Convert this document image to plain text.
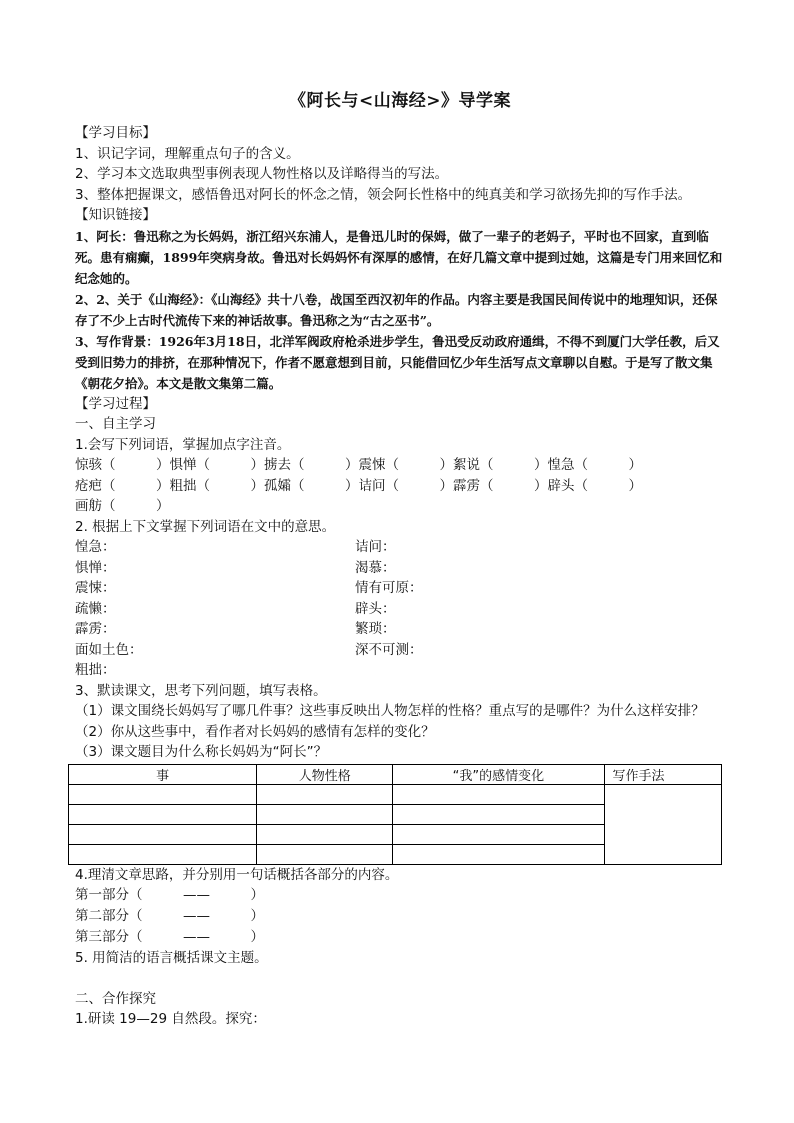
《阿长与<山海经>》导学案
【学习目标】
1、识记字词，理解重点句子的含义。
2、学习本文选取典型事例表现人物性格以及详略得当的写法。
3、整体把握课文，感悟鲁迅对阿长的怀念之情，领会阿长性格中的纯真美和学习欲扬先抑的写作手法。
【知识链接】
1、阿长：鲁迅称之为长妈妈，浙江绍兴东浦人，是鲁迅儿时的保姆，做了一辈子的老妈子，平时也不回家，直到临死。患有痫癫，1899年突病身故。鲁迅对长妈妈怀有深厚的感情，在好几篇文章中提到过她，这篇是专门用来回忆和纪念她的。
2、2、关于《山海经》：《山海经》共十八卷，战国至西汉初年的作品。内容主要是我国民间传说中的地理知识，还保存了不少上古时代流传下来的神话故事。鲁迅称之为“古之巫书”。
3、写作背景：1926年3月18日，北洋军阀政府枪杀进步学生，鲁迅受反动政府通缉，不得不到厦门大学任教，后又受到旧势力的排挤，在那种情况下，作者不愿意想到目前，只能借回忆少年生活写点文章聊以自慰。于是写了散文集《朝花夕拾》。本文是散文集第二篇。
【学习过程】
一、自主学习
1.会写下列词语，掌握加点字注音。
惊骇（　　　） 惧惮（　　　） 掳去（　　　） 震悚（　　　） 絮说（　　　） 惶急（　　　）
疮疤（　　　） 粗拙（　　　） 孤孀（　　　） 诘问（　　　） 霹雳（　　　） 辟头（　　　）
画舫（　　　）
2. 根据上下文掌握下列词语在文中的意思。
惶急：	诘问：
惧惮：	渴慕：
震悚：	情有可原：
疏懒：	辟头：
霹雳：	繁琐：
面如土色：	深不可测：
粗拙：
3、默读课文，思考下列问题，填写表格。
（1）课文围绕长妈妈写了哪几件事？这些事反映出人物怎样的性格？重点写的是哪件？为什么这样安排？
（2）你从这些事中，看作者对长妈妈的感情有怎样的变化？
（3）课文题目为什么称长妈妈为“阿长”？
事	人物性格	“我”的感情变化	写作手法

4.理清文章思路，并分别用一句话概括各部分的内容。
第一部分（　　　——　　　）
第二部分（　　　——　　　）
第三部分（　　　——　　　）
5. 用简洁的语言概括课文主题。
二、合作探究
1.研读 19—29 自然段。探究：
